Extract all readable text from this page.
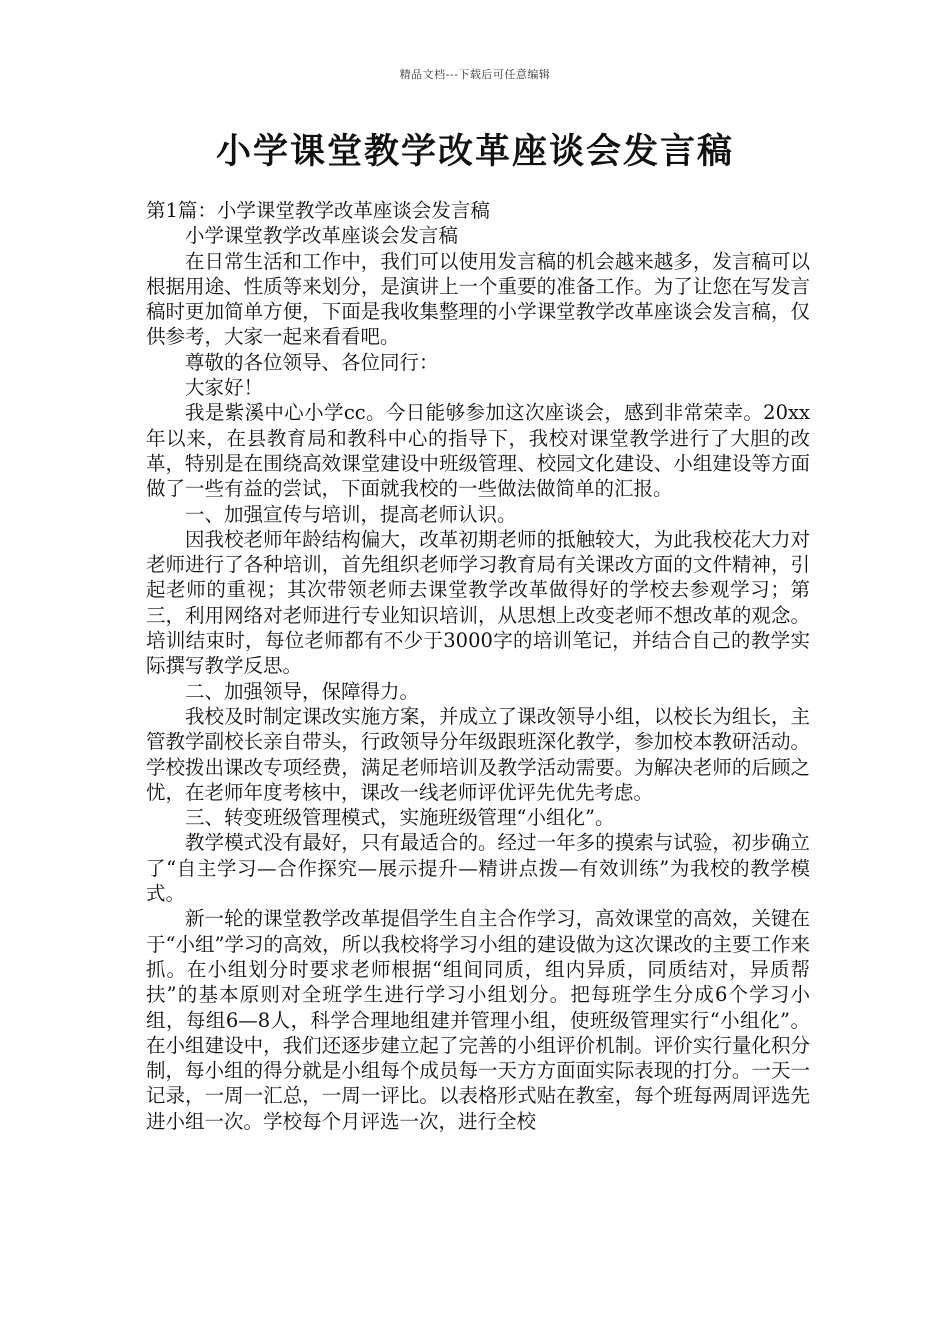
精品文档---下载后可任意编辑
小学课堂教学改革座谈会发言稿

第1篇：小学课堂教学改革座谈会发言稿

小学课堂教学改革座谈会发言稿

在日常生活和工作中，我们可以使用发言稿的机会越来越多，发言稿可以根据用途、性质等来划分，是演讲上一个重要的准备工作。为了让您在写发言稿时更加简单方便，下面是我收集整理的小学课堂教学改革座谈会发言稿，仅供参考，大家一起来看看吧。

尊敬的各位领导、各位同行：

大家好！

我是紫溪中心小学cc。今日能够参加这次座谈会，感到非常荣幸。20xx年以来，在县教育局和教科中心的指导下，我校对课堂教学进行了大胆的改革，特别是在围绕高效课堂建设中班级管理、校园文化建设、小组建设等方面做了一些有益的尝试，下面就我校的一些做法做简单的汇报。

一、加强宣传与培训，提高老师认识。

因我校老师年龄结构偏大，改革初期老师的抵触较大，为此我校花大力对老师进行了各种培训，首先组织老师学习教育局有关课改方面的文件精神，引起老师的重视；其次带领老师去课堂教学改革做得好的学校去参观学习；第三，利用网络对老师进行专业知识培训，从思想上改变老师不想改革的观念。培训结束时，每位老师都有不少于3000字的培训笔记，并结合自己的教学实际撰写教学反思。

二、加强领导，保障得力。

我校及时制定课改实施方案，并成立了课改领导小组，以校长为组长，主管教学副校长亲自带头，行政领导分年级跟班深化教学，参加校本教研活动。学校拨出课改专项经费，满足老师培训及教学活动需要。为解决老师的后顾之忧，在老师年度考核中，课改一线老师评优评先优先考虑。

三、转变班级管理模式，实施班级管理“小组化”。

教学模式没有最好，只有最适合的。经过一年多的摸索与试验，初步确立了“自主学习—合作探究—展示提升—精讲点拨—有效训练”为我校的教学模式。

新一轮的课堂教学改革提倡学生自主合作学习，高效课堂的高效，关键在于“小组”学习的高效，所以我校将学习小组的建设做为这次课改的主要工作来抓。在小组划分时要求老师根据“组间同质，组内异质，同质结对，异质帮扶”的基本原则对全班学生进行学习小组划分。把每班学生分成6个学习小组，每组6—8人，科学合理地组建并管理小组，使班级管理实行“小组化”。在小组建设中，我们还逐步建立起了完善的小组评价机制。评价实行量化积分制，每小组的得分就是小组每个成员每一天方方面面实际表现的打分。一天一记录，一周一汇总，一周一评比。以表格形式贴在教室，每个班每两周评选先进小组一次。学校每个月评选一次，进行全校
